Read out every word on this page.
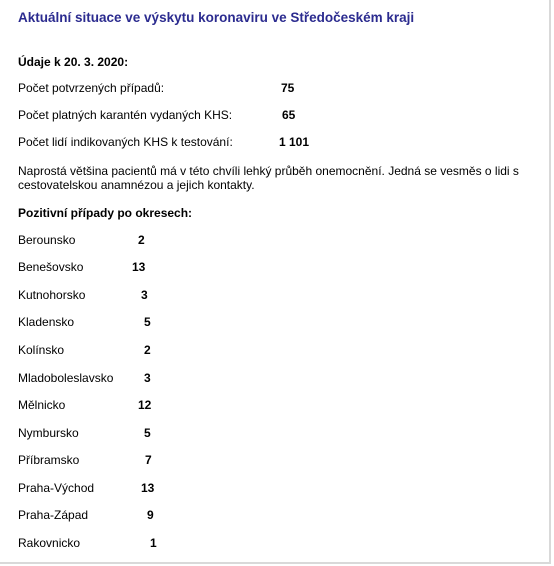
Aktuální situace ve výskytu koronaviru ve Středočeském kraji
Údaje k 20. 3. 2020:
Počet potvrzených případů:	75
Počet platných karantén vydaných KHS:	65
Počet lidí indikovaných KHS k testování:	1 101

Naprostá většina pacientů má v této chvíli lehký průběh onemocnění. Jedná se vesměs o lidi s cestovatelskou anamnézou a jejich kontakty.

Pozitivní případy po okresech:
Berounsko	2
Benešovsko	13
Kutnohorsko	3
Kladensko	5
Kolínsko	2
Mladoboleslavsko	3
Mělnicko	12
Nymbursko	5
Příbramsko	7
Praha-Východ	13
Praha-Západ	9
Rakovnicko	1
